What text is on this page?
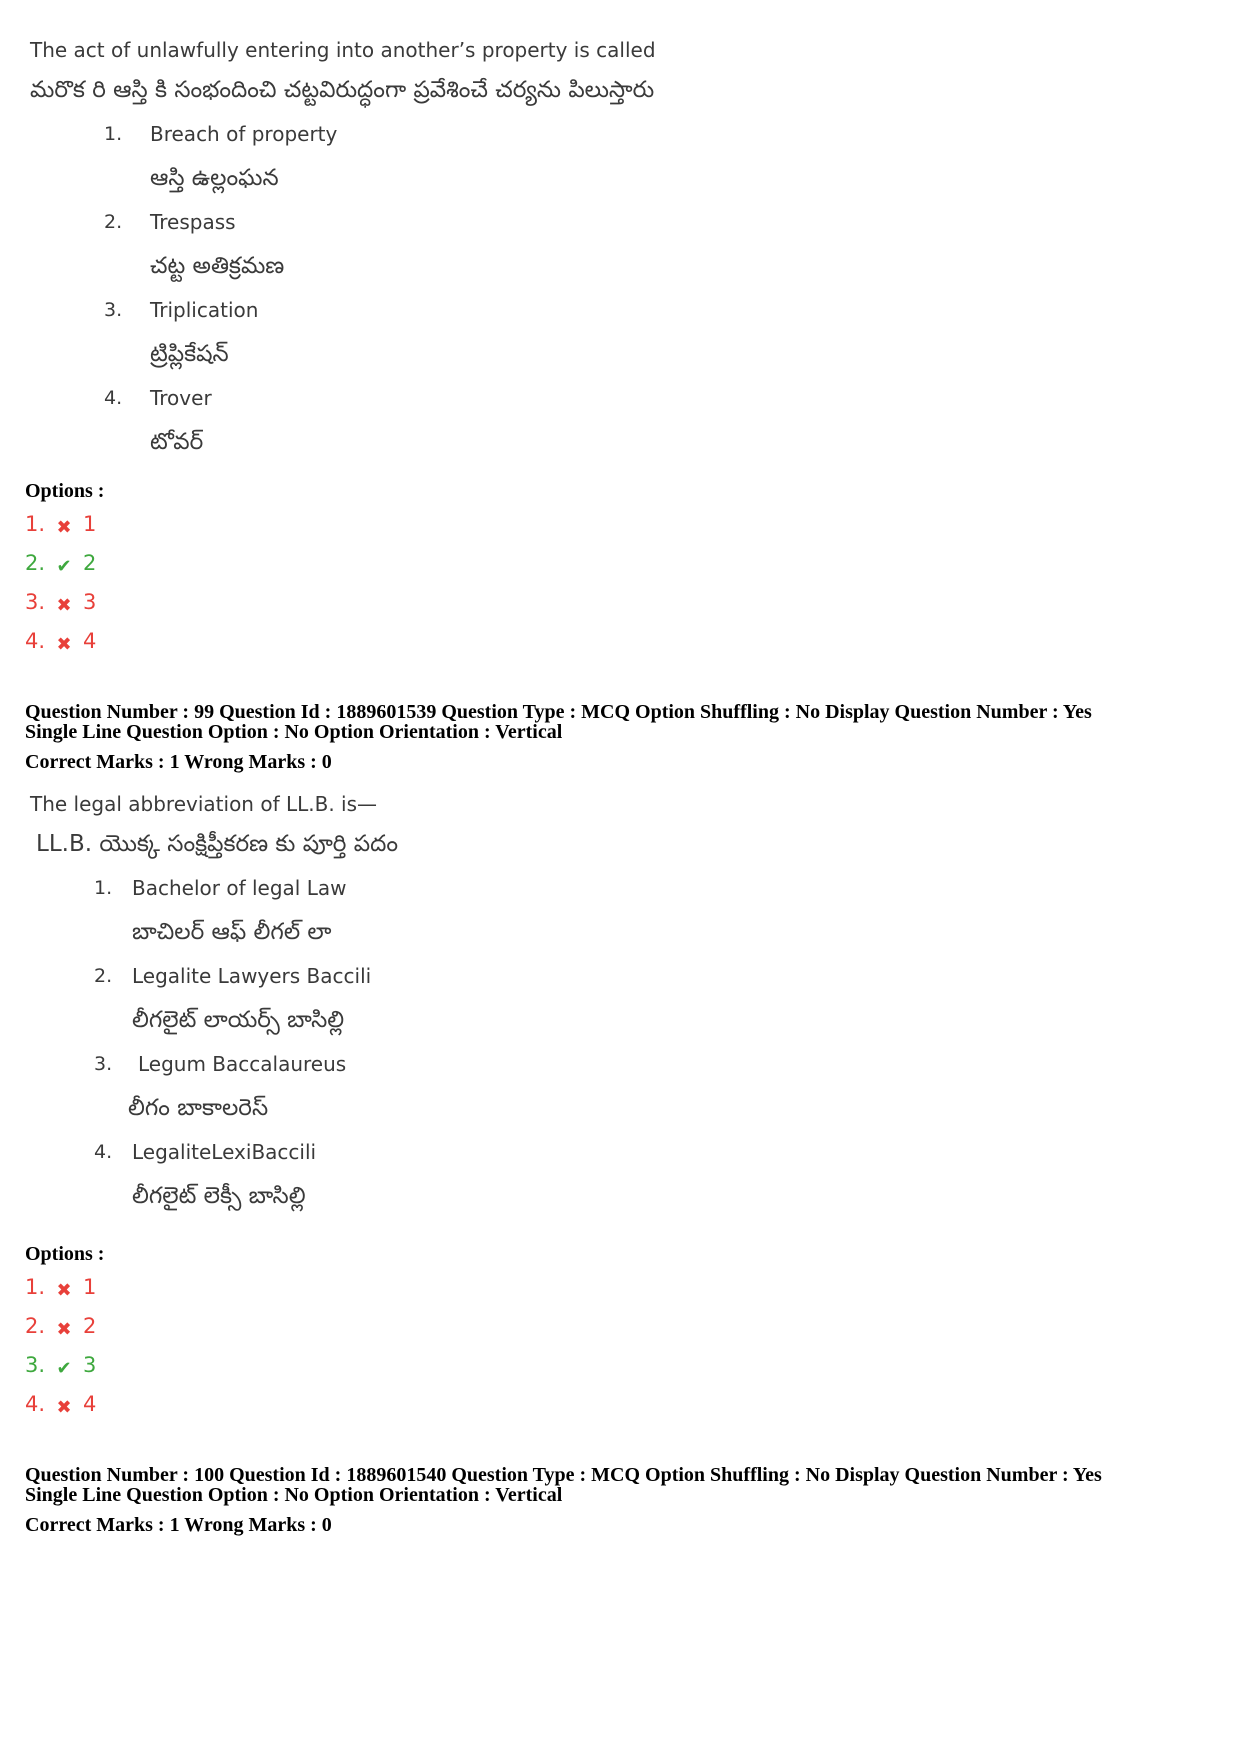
The act of unlawfully entering into another’s property is called
మరొక రి ఆస్తి కి సంభందించి చట్టవిరుద్ధంగా ప్రవేశించే చర్యను పిలుస్తారు
1.	Breach of property
ఆస్తి ఉల్లంఘన
2.	Trespass
చట్ట అతిక్రమణ
3.	Triplication
ట్రిప్లికేషన్
4.	Trover
టోవర్
Options :
1. ✖ 1
2. ✔ 2
3. ✖ 3
4. ✖ 4
Question Number : 99 Question Id : 1889601539 Question Type : MCQ Option Shuffling : No Display Question Number : Yes
Single Line Question Option : No Option Orientation : Vertical
Correct Marks : 1 Wrong Marks : 0
The legal abbreviation of LL.B. is—
LL.B. యొక్క సంక్షిప్తీకరణ కు పూర్తి పదం
1. Bachelor of legal Law
బాచిలర్ ఆఫ్ లీగల్ లా
2. Legalite Lawyers Baccili
లీగలైట్ లాయర్స్ బాసిల్లి
3.	Legum Baccalaureus
లీగం బాకాలరెస్
4. LegaliteLexiBaccili
లీగలైట్ లెక్సీ బాసిల్లి
Options :
1. ✖ 1
2. ✖ 2
3. ✔ 3
4. ✖ 4
Question Number : 100 Question Id : 1889601540 Question Type : MCQ Option Shuffling : No Display Question Number : Yes
Single Line Question Option : No Option Orientation : Vertical
Correct Marks : 1 Wrong Marks : 0
